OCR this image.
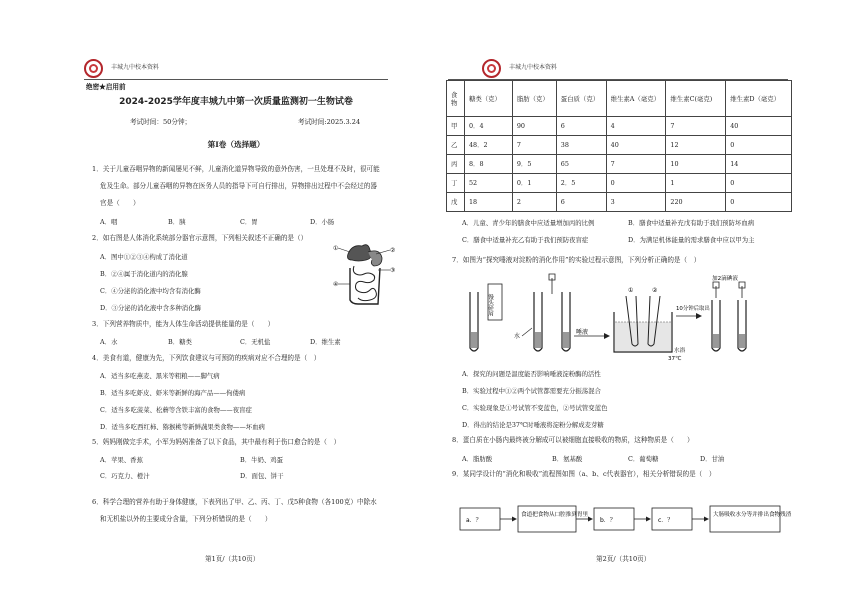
丰城九中校本资料
绝密★启用前
2024-2025学年度丰城九中第一次质量监测初一生物试卷
考试时间：50分钟；	考试时间:2025.3.24
第Ⅰ卷（选择题）
1．关于儿童吞咽异物的新闻屡见不鲜，儿童消化道异物导致的意外伤害，一旦处理不及时，很可能
危及生命。部分儿童吞咽的异物在医务人员的指导下可自行排出，异物排出过程中不会经过的器
官是（　　）
A．咽	B．胰	C．胃	D．小肠
2．如右图是人体消化系统部分器官示意图，下列相关叙述不正确的是（）
A．图中①②③④构成了消化道
B．②④属于消化道内的消化腺
C．④分泌的消化液中均含有消化酶
D．③分泌的消化液中含多种消化酶
①	②
③
④
3．下列营养物质中，能为人体生命活动提供能量的是（　　）
A．水	B．糖类	C．无机盐	D．维生素
4．美食有道，健康为先，下列饮食建议与可预防的疾病对应不合理的是（　）
A．适当多吃燕麦、黑米等粗粮——脚气病
B．适当多吃虾皮、虾米等新鲜的海产品——佝偻病
C．适当多吃菠菜、松蘑等含铁丰富的食物——夜盲症
D．适当多吃西红柿、猕猴桃等新鲜蔬果类食物——坏血病
5．妈妈刚做完手术，小军为妈妈准备了以下食品，其中最有利于伤口愈合的是（　）
A．苹果、香蕉	B．牛奶、鸡蛋
C．巧克力、橙汁	D．面包、饼干
6．科学合理的营养有助于身体健康，下表列出了甲、乙、丙、丁、戊5种食物（各100克）中除水
和无机盐以外的主要成分含量，下列分析错误的是（　　）
第1页/（共10页）
丰城九中校本资料
第2页/（共10页）
食物	糖类（克）	脂肪（克）	蛋白质（克）	维生素A（毫克）	维生素C(毫克)	维生素D（毫克）
甲	0．4	90	6	4	7	40
乙	48．2	7	38	40	12	0
丙	8．8	9．5	65	7	10	14
丁	52	0．1	2．5	0	1	0
戊	18	2	6	3	220	0
A．儿童、青少年的膳食中应适量增加丙的比例	B．膳食中适量补充戊有助于我们预防坏血病
C．膳食中适量补充乙有助于我们预防夜盲症	D．为满足机体能量的需求膳食中应以甲为主
7．如图为“探究唾液对淀粉的消化作用”的实验过程示意图，下列分析正确的是（　）
馒头碎屑
水
唾液
①	②
37℃
水浴
10分钟后取出
加2滴碘液
A．探究的问题是温度能否影响唾液淀粉酶的活性
B．实验过程中①②两个试管都需要充分振荡混合
C．实验现象是①号试管不变蓝色，②号试管变蓝色
D．得出的结论是37℃时唾液将淀粉分解成麦芽糖
8．蛋白质在小肠内最终被分解成可以被细胞直接吸收的物质，这种物质是（　　）
A．脂肪酸	B．氨基酸	C．葡萄糖	D．甘油
9．某同学设计的“消化和吸收”流程图如图（a、b、c代表器官），相关分析错误的是（　）
a．？
食道把食物从口腔推到胃里
b．？	c．？
大肠吸收水分等并排出食物残渣
